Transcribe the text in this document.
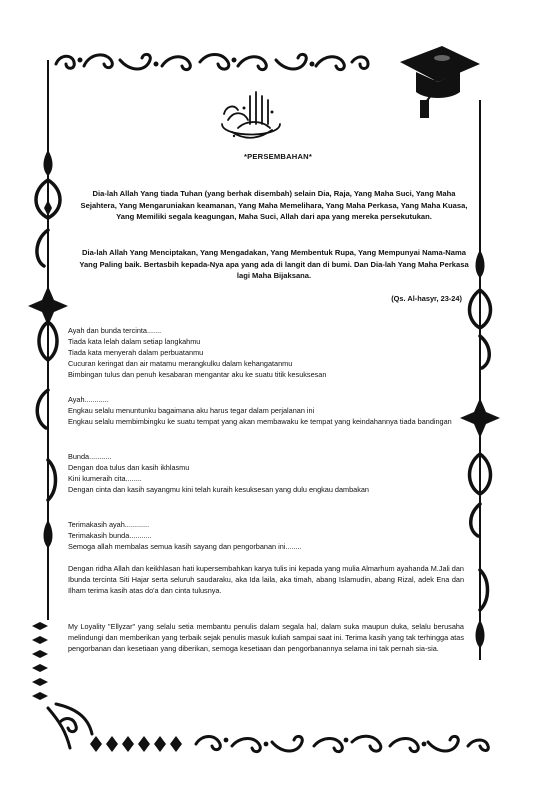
*PERSEMBAHAN*
Dia-lah Allah Yang tiada Tuhan (yang berhak disembah) selain Dia, Raja, Yang Maha Suci, Yang Maha Sejahtera, Yang Mengaruniakan keamanan, Yang Maha Memelihara, Yang Maha Perkasa, Yang Maha Kuasa, Yang Memiliki segala keagungan, Maha Suci, Allah dari apa yang mereka persekutukan.
Dia-lah Allah Yang Menciptakan, Yang Mengadakan, Yang Membentuk Rupa, Yang Mempunyai Nama-Nama Yang Paling baik. Bertasbih kepada-Nya apa yang ada di langit dan di bumi. Dan Dia-lah Yang Maha Perkasa lagi Maha Bijaksana.
(Qs. Al-hasyr, 23-24)

Ayah dan bunda tercinta.......

Tiada kata lelah dalam setiap langkahmu

Tiada kata menyerah dalam perbuatanmu

Cucuran keringat dan air matamu merangkulku dalam kehangatanmu

Bimbingan tulus dan penuh kesabaran mengantar aku ke suatu titik kesuksesan

Ayah............

Engkau selalu menuntunku bagaimana aku harus tegar dalam perjalanan ini

Engkau selalu membimbingku ke suatu tempat yang akan membawaku ke tempat yang keindahannya tiada bandingan

Bunda...........

Dengan doa tulus dan kasih ikhlasmu

Kini kumeraih cita........

Dengan cinta dan kasih sayangmu kini telah kuraih kesuksesan yang dulu engkau dambakan

Terimakasih ayah............

Terimakasih bunda...........

Semoga allah membalas semua kasih sayang dan pengorbanan ini........

Dengan ridha Allah dan keikhlasan hati kupersembahkan karya tulis ini kepada yang mulia Almarhum ayahanda M.Jali dan Ibunda tercinta Siti Hajar serta seluruh saudaraku, aka Ida laila, aka timah, abang Islamudin, abang Rizal, adek Ena dan Ilham terima kasih atas do'a dan cinta tulusnya.
My Loyality "Ellyzar" yang selalu setia membantu penulis dalam segala hal, dalam suka maupun duka, selalu berusaha melindungi dan memberikan yang terbaik sejak penulis masuk kuliah sampai saat ini. Terima kasih yang tak terhingga atas pengorbanan dan kesetiaan yang diberikan, semoga kesetiaan dan pengorbanannya selama ini tak pernah sia-sia.
